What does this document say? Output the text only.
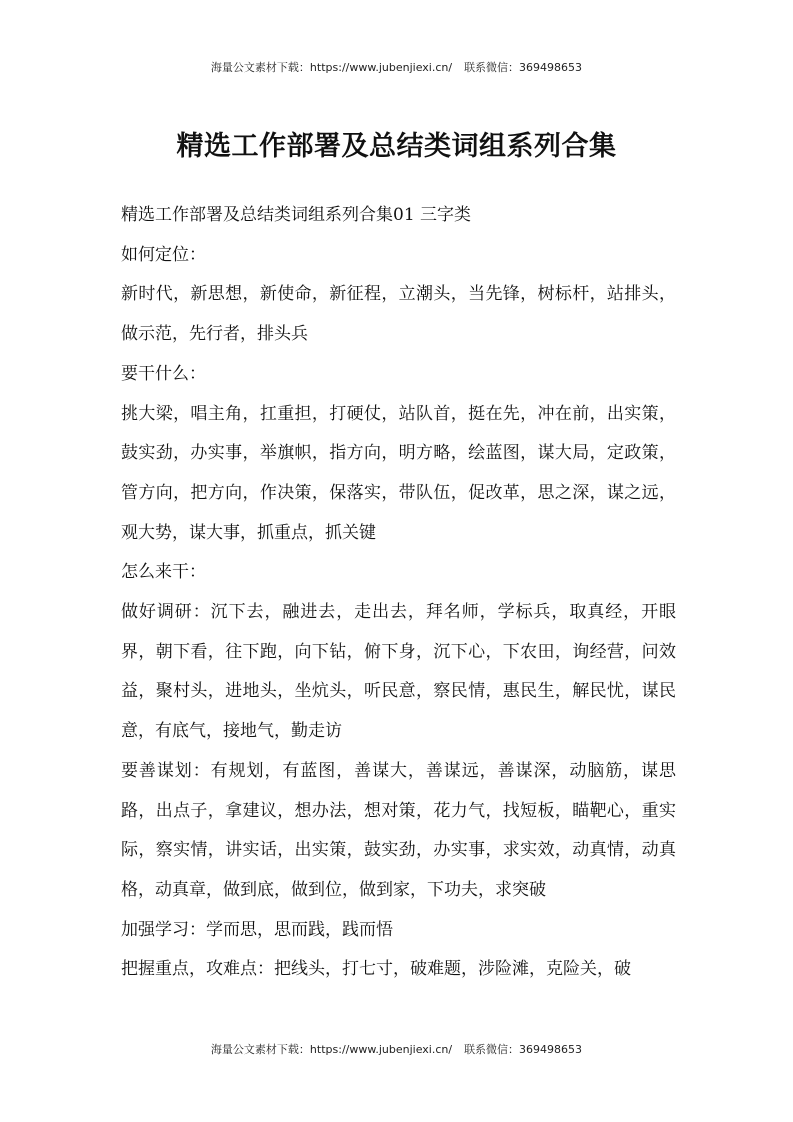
海量公文素材下载：https://www.jubenjiexi.cn/ 联系微信：369498653
精选工作部署及总结类词组系列合集

精选工作部署及总结类词组系列合集01 三字类

如何定位：

新时代，新思想，新使命，新征程，立潮头，当先锋，树标杆，站排头，做示范，先行者，排头兵

要干什么：

挑大梁，唱主角，扛重担，打硬仗，站队首，挺在先，冲在前，出实策，鼓实劲，办实事，举旗帜，指方向，明方略，绘蓝图，谋大局，定政策，管方向，把方向，作决策，保落实，带队伍，促改革，思之深，谋之远，观大势，谋大事，抓重点，抓关键

怎么来干：

做好调研：沉下去，融进去，走出去，拜名师，学标兵，取真经，开眼界，朝下看，往下跑，向下钻，俯下身，沉下心，下农田，询经营，问效益，聚村头，进地头，坐炕头，听民意，察民情，惠民生，解民忧，谋民意，有底气，接地气，勤走访

要善谋划：有规划，有蓝图，善谋大，善谋远，善谋深，动脑筋，谋思路，出点子，拿建议，想办法，想对策，花力气，找短板，瞄靶心，重实际，察实情，讲实话，出实策，鼓实劲，办实事，求实效，动真情，动真格，动真章，做到底，做到位，做到家，下功夫，求突破

加强学习：学而思，思而践，践而悟

把握重点，攻难点：把线头，打七寸，破难题，涉险滩，克险关，破

海量公文素材下载：https://www.jubenjiexi.cn/ 联系微信：369498653
